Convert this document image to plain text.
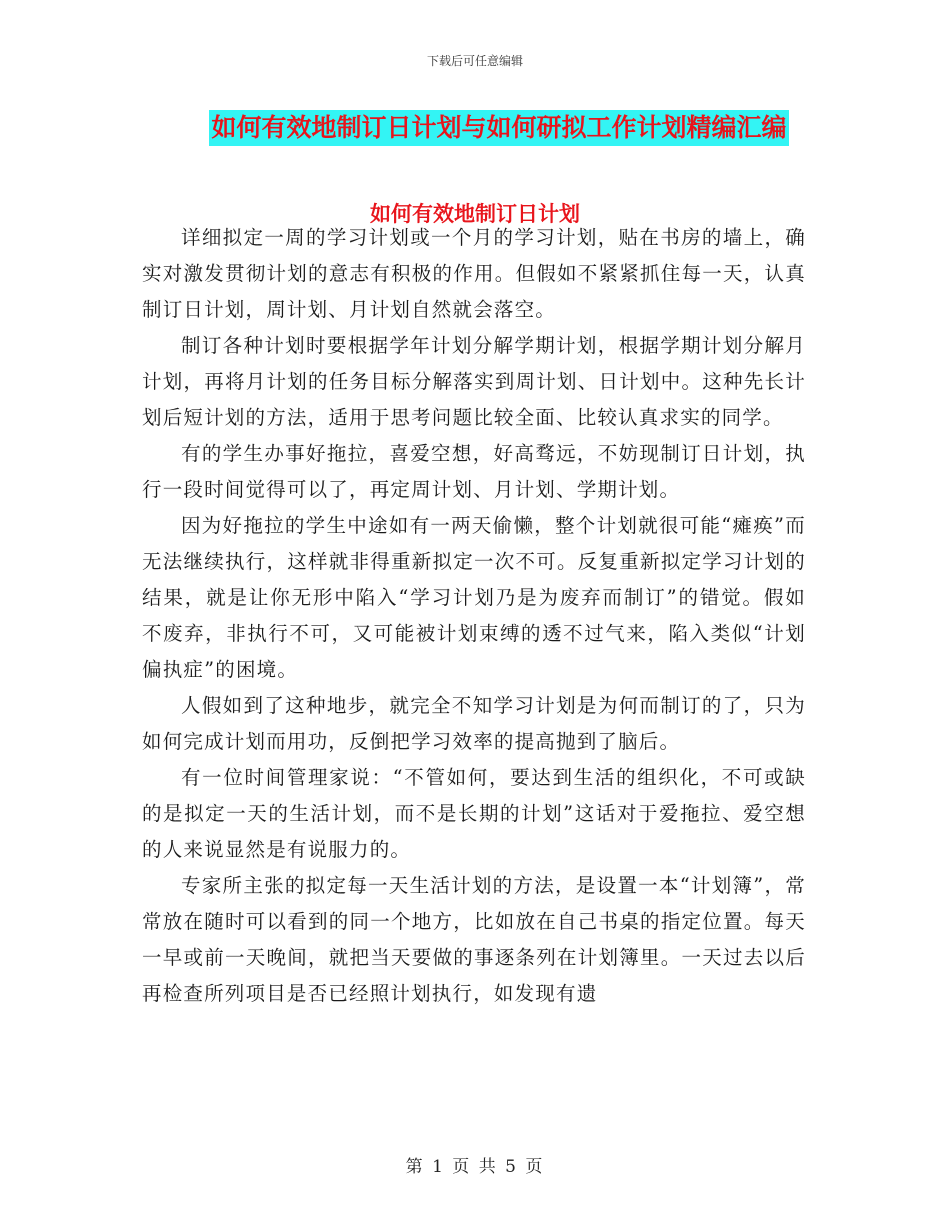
下载后可任意编辑
如何有效地制订日计划与如何研拟工作计划精编汇编
如何有效地制订日计划

详细拟定一周的学习计划或一个月的学习计划，贴在书房的墙上，确实对激发贯彻计划的意志有积极的作用。但假如不紧紧抓住每一天，认真制订日计划，周计划、月计划自然就会落空。

制订各种计划时要根据学年计划分解学期计划，根据学期计划分解月计划，再将月计划的任务目标分解落实到周计划、日计划中。这种先长计划后短计划的方法，适用于思考问题比较全面、比较认真求实的同学。

有的学生办事好拖拉，喜爱空想，好高骛远，不妨现制订日计划，执行一段时间觉得可以了，再定周计划、月计划、学期计划。

因为好拖拉的学生中途如有一两天偷懒，整个计划就很可能“瘫痪”而无法继续执行，这样就非得重新拟定一次不可。反复重新拟定学习计划的结果，就是让你无形中陷入“学习计划乃是为废弃而制订”的错觉。假如不废弃，非执行不可，又可能被计划束缚的透不过气来，陷入类似“计划偏执症”的困境。

人假如到了这种地步，就完全不知学习计划是为何而制订的了，只为如何完成计划而用功，反倒把学习效率的提高抛到了脑后。

有一位时间管理家说：“不管如何，要达到生活的组织化，不可或缺的是拟定一天的生活计划，而不是长期的计划”这话对于爱拖拉、爱空想的人来说显然是有说服力的。

专家所主张的拟定每一天生活计划的方法，是设置一本“计划簿”，常常放在随时可以看到的同一个地方，比如放在自己书桌的指定位置。每天一早或前一天晚间，就把当天要做的事逐条列在计划簿里。一天过去以后再检查所列项目是否已经照计划执行，如发现有遗

第 1 页 共 5 页
